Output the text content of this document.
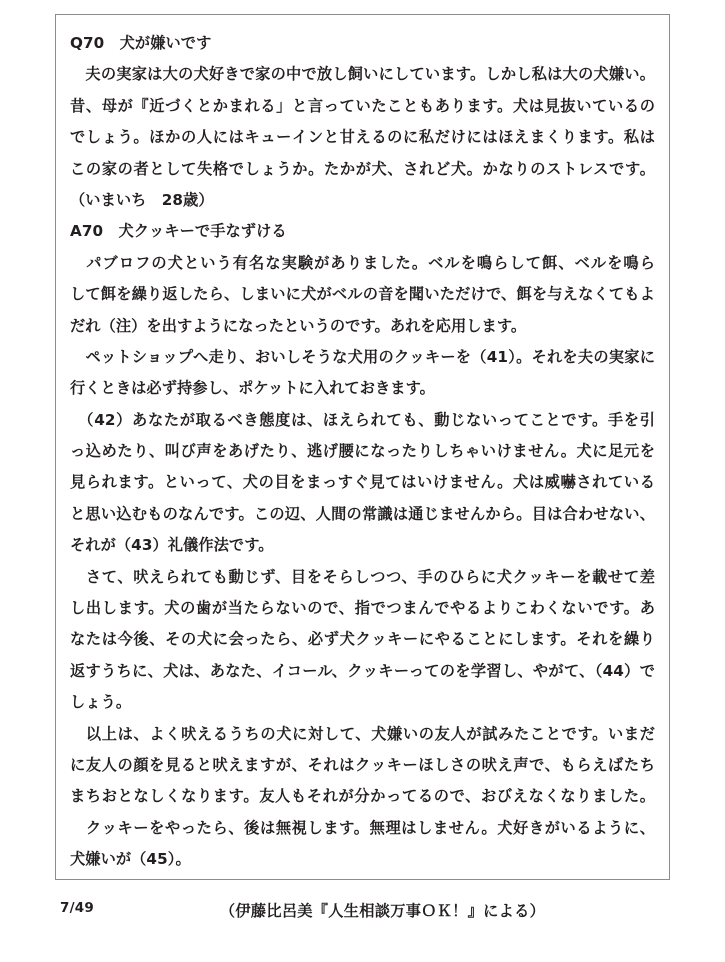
Q70　犬が嫌いです
　夫の実家は大の犬好きで家の中で放し飼いにしています。しかし私は大の犬嫌い。
昔、母が『近づくとかまれる」と言っていたこともあります。犬は見抜いているの
でしょう。ほかの人にはキューインと甘えるのに私だけにはほえまくります。私は
この家の者として失格でしょうか。たかが犬、されど犬。かなりのストレスです。
（いまいち　28歳）
A70　犬クッキーで手なずける
　パブロフの犬という有名な実験がありました。ベルを鳴らして餌、ベルを鳴ら
して餌を繰り返したら、しまいに犬がベルの音を聞いただけで、餌を与えなくてもよ
だれ（注）を出すようになったというのです。あれを応用します。
　ペットショップへ走り、おいしそうな犬用のクッキーを（41）。それを夫の実家に
行くときは必ず持参し、ポケットに入れておきます。
　（42）あなたが取るべき態度は、ほえられても、動じないってことです。手を引
っ込めたり、叫び声をあげたり、逃げ腰になったりしちゃいけません。犬に足元を
見られます。といって、犬の目をまっすぐ見てはいけません。犬は威嚇されている
と思い込むものなんです。この辺、人間の常識は通じませんから。目は合わせない、
それが（43）礼儀作法です。
　さて、吠えられても動じず、目をそらしつつ、手のひらに犬クッキーを載せて差
し出します。犬の歯が当たらないので、指でつまんでやるよりこわくないです。あ
なたは今後、その犬に会ったら、必ず犬クッキーにやることにします。それを繰り
返すうちに、犬は、あなた、イコール、クッキーってのを学習し、やがて、（44）で
しょう。
　以上は、よく吠えるうちの犬に対して、犬嫌いの友人が試みたことです。いまだ
に友人の顔を見ると吠えますが、それはクッキーほしさの吠え声で、もらえばたち
まちおとなしくなります。友人もそれが分かってるので、おびえなくなりました。
　クッキーをやったら、後は無視します。無理はしません。犬好きがいるように、
犬嫌いが（45）。
7/49	（伊藤比呂美『人生相談万事ＯＫ！』による）
